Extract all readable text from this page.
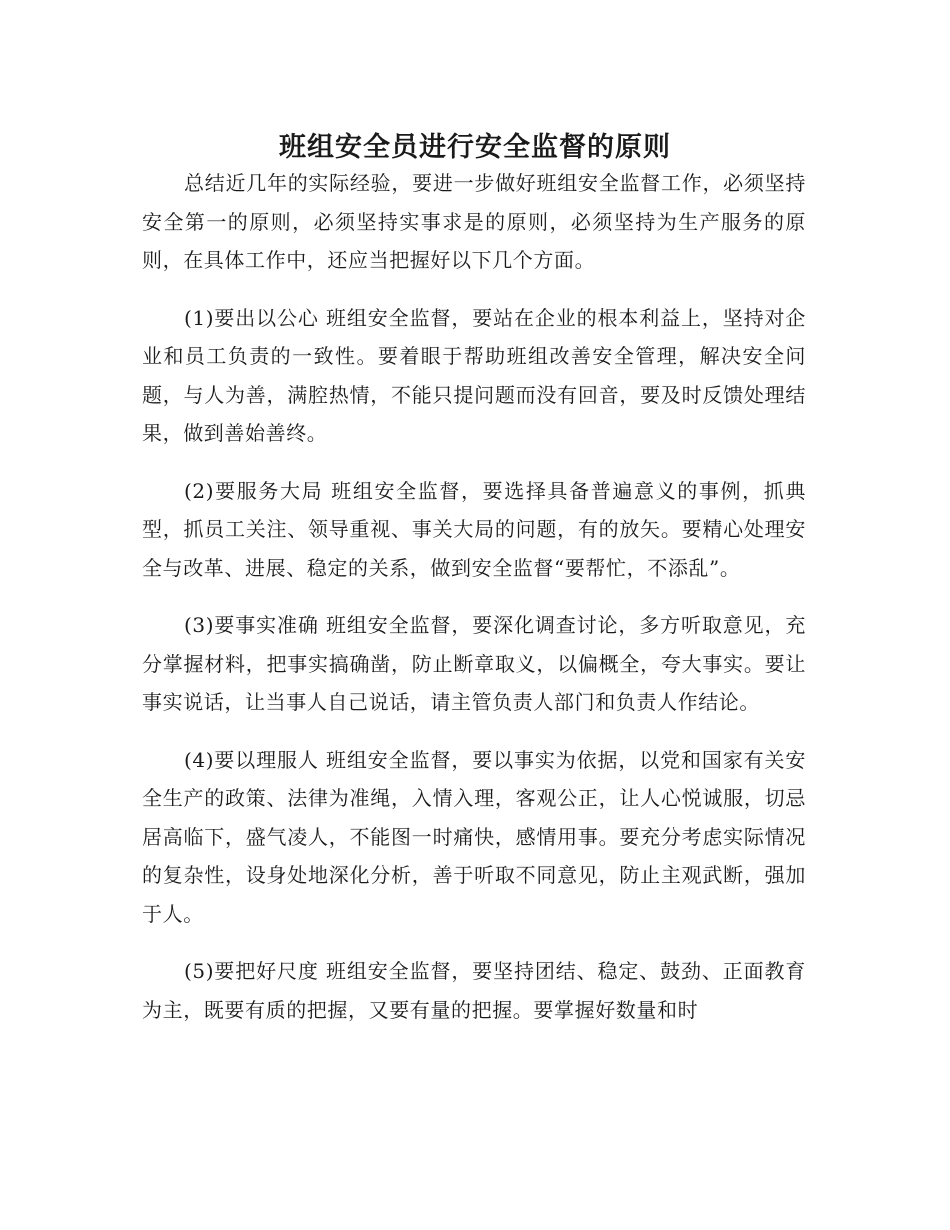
班组安全员进行安全监督的原则

总结近几年的实际经验，要进一步做好班组安全监督工作，必须坚持安全第一的原则，必须坚持实事求是的原则，必须坚持为生产服务的原则，在具体工作中，还应当把握好以下几个方面。

(1)要出以公心 班组安全监督，要站在企业的根本利益上，坚持对企业和员工负责的一致性。要着眼于帮助班组改善安全管理，解决安全问题，与人为善，满腔热情，不能只提问题而没有回音，要及时反馈处理结果，做到善始善终。

(2)要服务大局 班组安全监督，要选择具备普遍意义的事例，抓典型，抓员工关注、领导重视、事关大局的问题，有的放矢。要精心处理安全与改革、进展、稳定的关系，做到安全监督“要帮忙，不添乱”。

(3)要事实准确 班组安全监督，要深化调查讨论，多方听取意见，充分掌握材料，把事实搞确凿，防止断章取义，以偏概全，夸大事实。要让事实说话，让当事人自己说话，请主管负责人部门和负责人作结论。

(4)要以理服人 班组安全监督，要以事实为依据，以党和国家有关安全生产的政策、法律为准绳，入情入理，客观公正，让人心悦诚服，切忌居高临下，盛气凌人，不能图一时痛快，感情用事。要充分考虑实际情况的复杂性，设身处地深化分析，善于听取不同意见，防止主观武断，强加于人。

(5)要把好尺度 班组安全监督，要坚持团结、稳定、鼓劲、正面教育为主，既要有质的把握，又要有量的把握。要掌握好数量和时
